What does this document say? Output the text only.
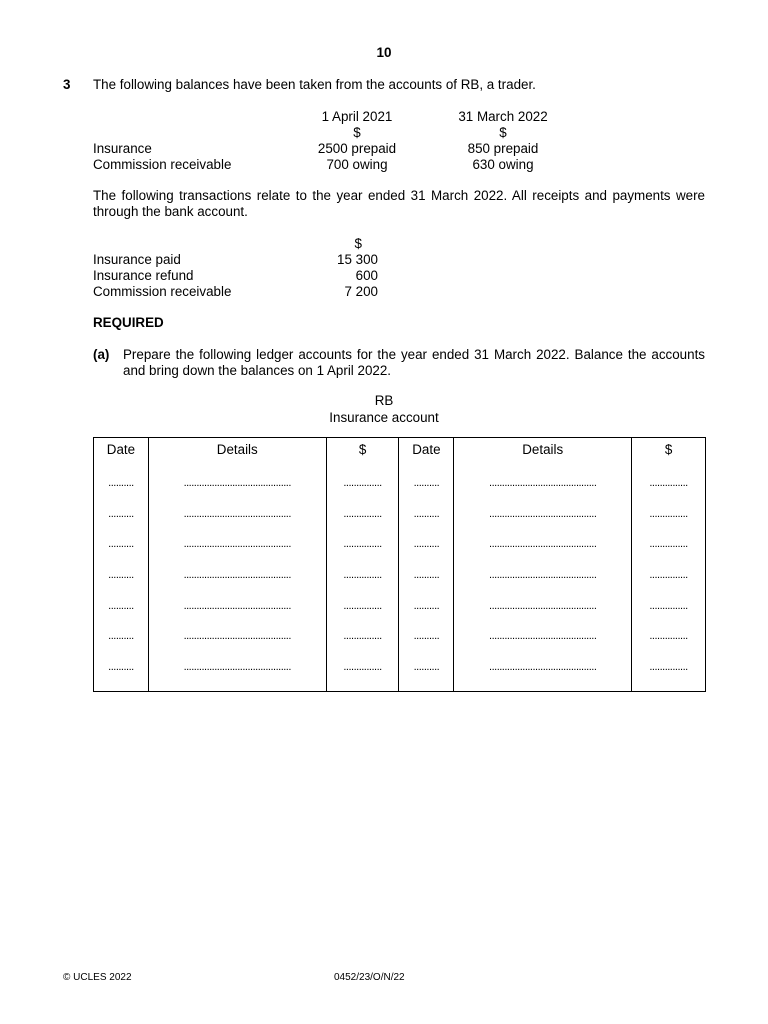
10
3 The following balances have been taken from the accounts of RB, a trader.
1 April 2021	31 March 2022
$	$
Insurance	2500 prepaid	850 prepaid
Commission receivable	700 owing	630 owing
The following transactions relate to the year ended 31 March 2022. All receipts and payments were through the bank account.
$
Insurance paid	15 300
Insurance refund	600
Commission receivable	7 200
REQUIRED
(a) Prepare the following ledger accounts for the year ended 31 March 2022. Balance the accounts and bring down the balances on 1 April 2022.
RB
Insurance account
Date	Details	$	Date	Details	$
..........	..........................................	...............	..........	..........................................	...............
..........	..........................................	...............	..........	..........................................	...............
..........	..........................................	...............	..........	..........................................	...............
..........	..........................................	...............	..........	..........................................	...............
..........	..........................................	...............	..........	..........................................	...............
..........	..........................................	...............	..........	..........................................	...............
..........	..........................................	...............	..........	..........................................	...............

© UCLES 2022	0452/23/O/N/22
